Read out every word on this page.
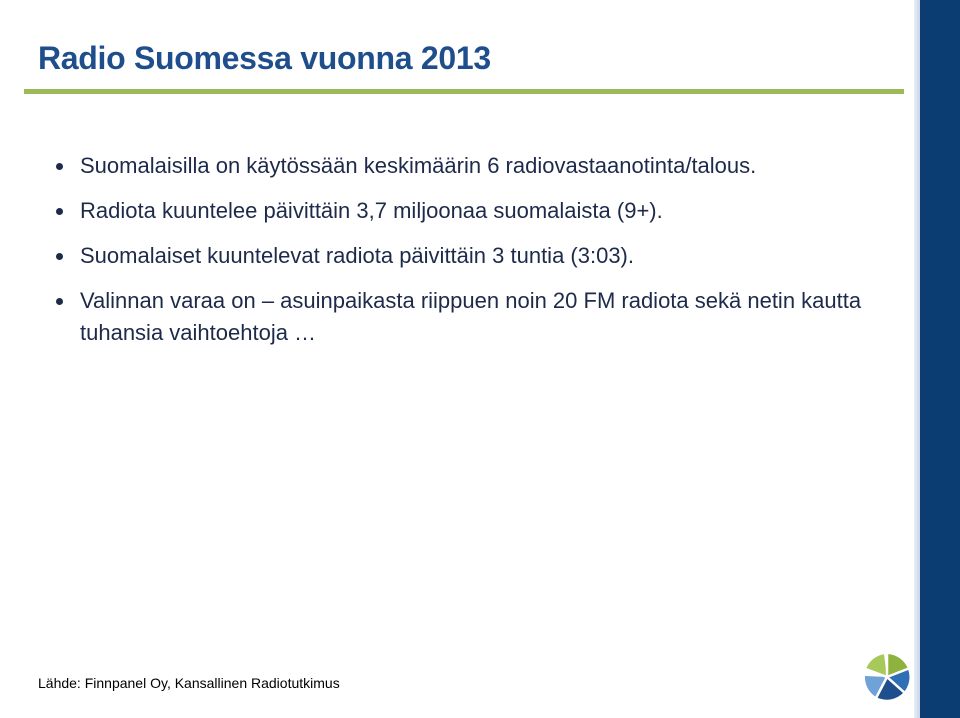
Radio Suomessa vuonna 2013
Suomalaisilla on käytössään keskimäärin 6 radiovastaanotinta/talous.
Radiota kuuntelee päivittäin 3,7 miljoonaa suomalaista (9+).
Suomalaiset kuuntelevat radiota päivittäin 3 tuntia (3:03).
Valinnan varaa on – asuinpaikasta riippuen noin 20 FM radiota sekä netin kautta tuhansia vaihtoehtoja …
Lähde: Finnpanel Oy, Kansallinen Radiotutkimus
